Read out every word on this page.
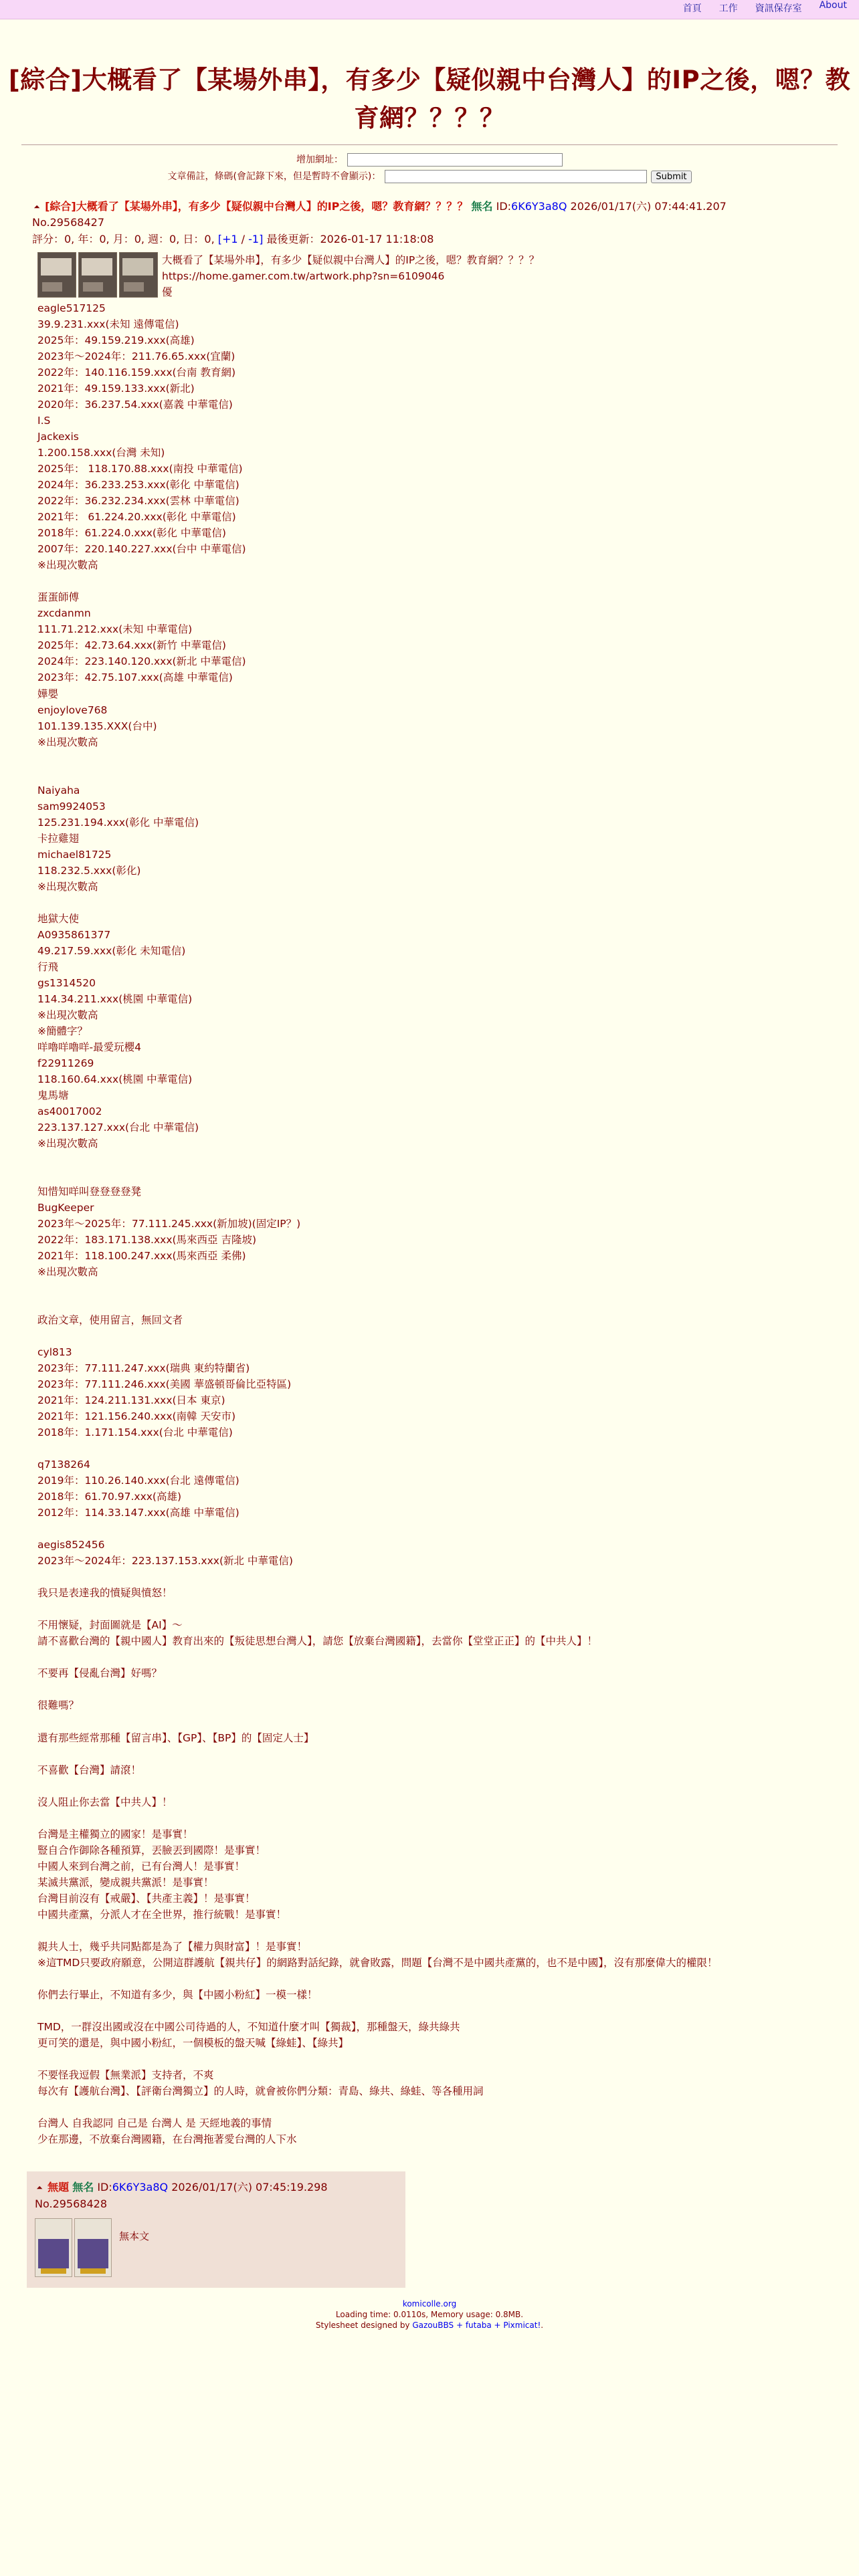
首頁 工作 資訊保存室 About
[綜合]大概看了【某場外串】，有多少【疑似親中台灣人】的IP之後，嗯？教育網？？？？
增加網址：
文章備註，條碼(會記錄下來，但是暫時不會顯示)：	Submit
⏶ [綜合]大概看了【某場外串】，有多少【疑似親中台灣人】的IP之後，嗯？教育網？？？？ 無名 ID:6K6Y3a8Q 2026/01/17(六) 07:44:41.207
No.29568427
評分：0, 年：0, 月：0, 週：0, 日：0, [+1 / -1] 最後更新：2026-01-17 11:18:08
大概看了【某場外串】，有多少【疑似親中台灣人】的IP之後，嗯？教育網？？？？
https://home.gamer.com.tw/artwork.php?sn=6109046
優
eagle517125
39.9.231.xxx(未知 遠傳電信)
2025年：49.159.219.xxx(高雄)
2023年～2024年：211.76.65.xxx(宜蘭)
2022年：140.116.159.xxx(台南 教育網)
2021年：49.159.133.xxx(新北)
2020年：36.237.54.xxx(嘉義 中華電信)
I.S
Jackexis
1.200.158.xxx(台灣 未知)
2025年： 118.170.88.xxx(南投 中華電信)
2024年：36.233.253.xxx(彰化 中華電信)
2022年：36.232.234.xxx(雲林 中華電信)
2021年： 61.224.20.xxx(彰化 中華電信)
2018年：61.224.0.xxx(彰化 中華電信)
2007年：220.140.227.xxx(台中 中華電信)
※出現次數高

蛋蛋師傅
zxcdanmn
111.71.212.xxx(未知 中華電信)
2025年：42.73.64.xxx(新竹 中華電信)
2024年：223.140.120.xxx(新北 中華電信)
2023年：42.75.107.xxx(高雄 中華電信)
嬅嬰
enjoylove768
101.139.135.XXX(台中)
※出現次數高

Naiyaha
sam9924053
125.231.194.xxx(彰化 中華電信)
卡拉雞翅
michael81725
118.232.5.xxx(彰化)
※出現次數高

地獄大使
A0935861377
49.217.59.xxx(彰化 未知電信)
行飛
gs1314520
114.34.211.xxx(桃園 中華電信)
※出現次數高
※簡體字？
咩嚕咩嚕咩-最愛玩櫻4
f22911269
118.160.64.xxx(桃園 中華電信)
鬼馬塘
as40017002
223.137.127.xxx(台北 中華電信)
※出現次數高

知惜知咩叫登登登登凳
BugKeeper
2023年～2025年：77.111.245.xxx(新加坡)(固定IP？)
2022年：183.171.138.xxx(馬來西亞 吉隆坡)
2021年：118.100.247.xxx(馬來西亞 柔佛)
※出現次數高

政治文章，使用留言，無回文者

cyl813
2023年：77.111.247.xxx(瑞典 東約特蘭省)
2023年：77.111.246.xxx(美國 華盛頓哥倫比亞特區)
2021年：124.211.131.xxx(日本 東京)
2021年：121.156.240.xxx(南韓 天安市)
2018年：1.171.154.xxx(台北 中華電信)

q7138264
2019年：110.26.140.xxx(台北 遠傳電信)
2018年：61.70.97.xxx(高雄)
2012年：114.33.147.xxx(高雄 中華電信)

aegis852456
2023年～2024年：223.137.153.xxx(新北 中華電信)

我只是表達我的憤疑與憤怒！

不用懷疑，封面圖就是【AI】～
請不喜歡台灣的【親中國人】教育出來的【叛徒思想台灣人】，請您【放棄台灣國籍】，去當你【堂堂正正】的【中共人】！

不要再【侵亂台灣】好嗎？

很難嗎？

還有那些經常那種【留言串】、【GP】、【BP】的【固定人士】

不喜歡【台灣】請滾！

沒人阻止你去當【中共人】！

台灣是主權獨立的國家！是事實！
豎自合作御除各種預算，丟臉丟到國際！是事實！
中國人來到台灣之前，已有台灣人！是事實！
某滅共黨派，變成親共黨派！是事實！
台灣目前沒有【戒嚴】、【共產主義】！是事實！
中國共產黨，分派人才在全世界，推行統戰！是事實！

親共人士，幾乎共同點都是為了【權力與財富】！是事實！
※這TMD只要政府願意，公開這群護航【親共仔】的網路對話紀錄，就會敗露，問題【台灣不是中國共產黨的，也不是中國】，沒有那麼偉大的權限！

你們去行畢止，不知道有多少，與【中國小粉紅】一模一樣！

TMD，一群沒出國或沒在中國公司待過的人，不知道什麼才叫【獨裁】，那種盤天，綠共綠共
更可笑的還是，與中國小粉紅，一個模板的盤天喊【綠蛙】、【綠共】

不要怪我逗假【無業派】支持者，不爽
每次有【護航台灣】、【評衛台灣獨立】的人時，就會被你們分類：青島、綠共、綠蛙、等各種用詞

台灣人 自我認同 自己是 台灣人 是 天經地義的事情
少在那邊，不放棄台灣國籍，在台灣拖著愛台灣的人下水
⏶ 無題 無名 ID:6K6Y3a8Q 2026/01/17(六) 07:45:19.298 No.29568428
無本文
komicolle.org
Loading time: 0.0110s, Memory usage: 0.8MB.
Stylesheet designed by GazouBBS + futaba + Pixmicat!.
